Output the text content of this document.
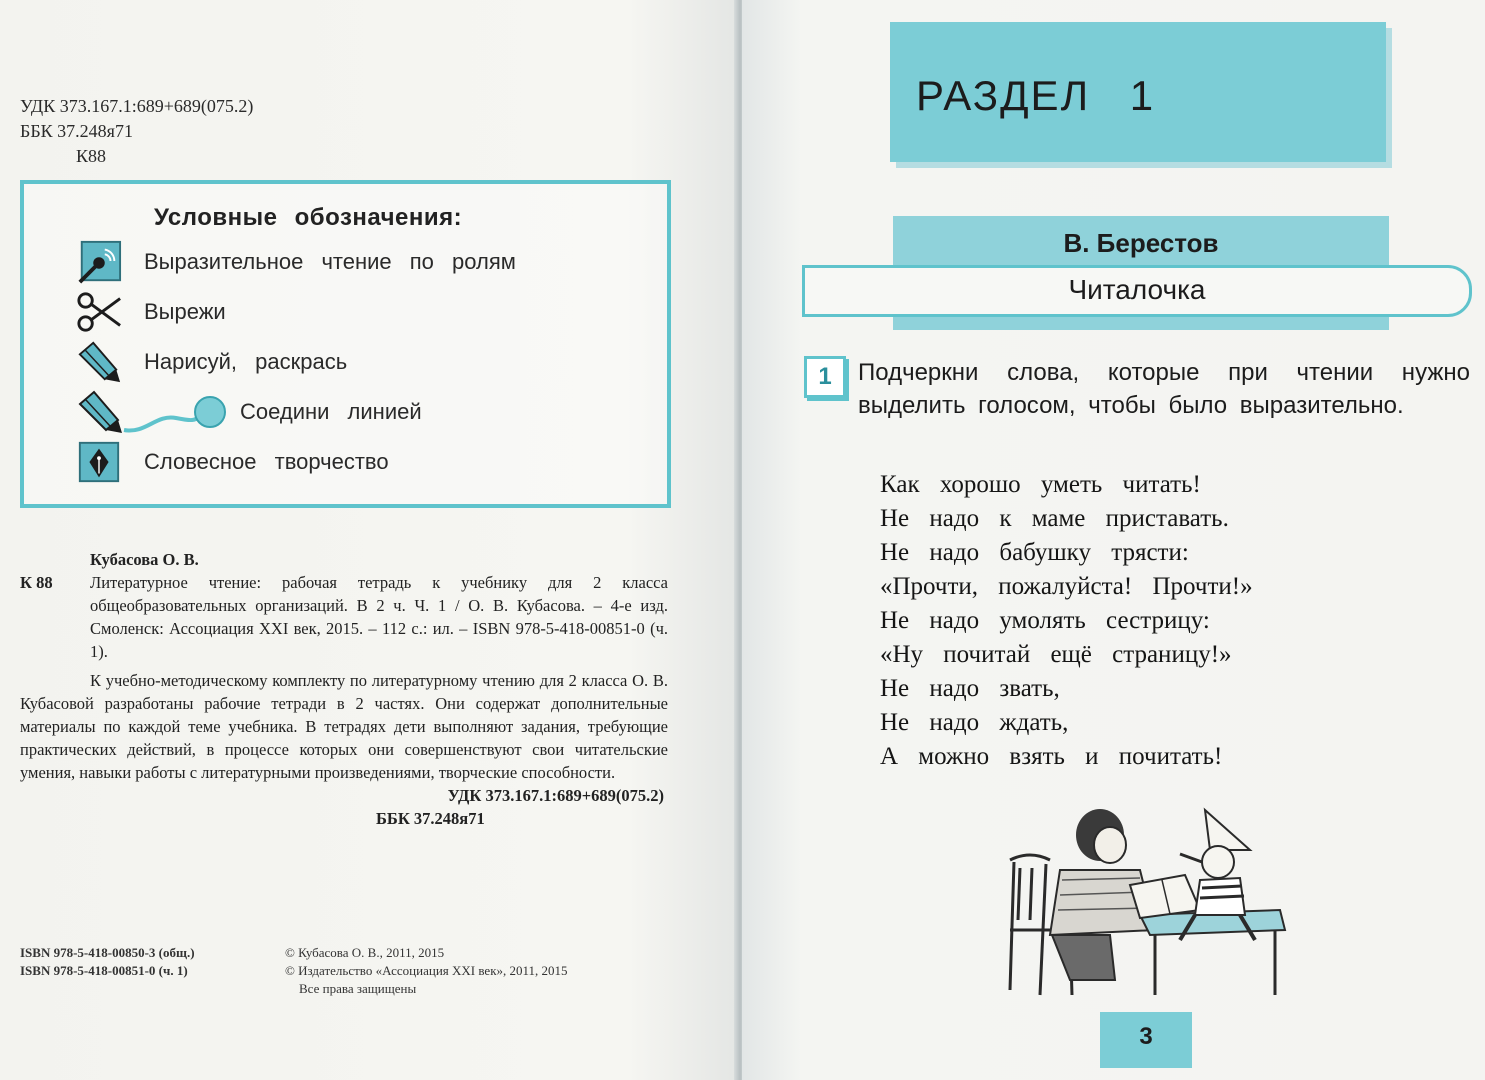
УДК 373.167.1:689+689(075.2)
ББК 37.248я71
К88
Условные обозначения:
Выразительное чтение по ролям
Вырежи
Нарисуй, раскрась
Соедини линией
Словесное творчество
Кубасова О. В.
К 88	Литературное чтение: рабочая тетрадь к учебнику для 2 класса общеобразовательных организаций. В 2 ч. Ч. 1 / О. В. Кубасова. – 4-е изд. Смоленск: Ассоциация XXI век, 2015. – 112 с.: ил. – ISBN 978-5-418-00851-0 (ч. 1).
К учебно-методическому комплекту по литературному чтению для 2 класса О. В. Кубасовой разработаны рабочие тетради в 2 частях. Они содержат дополнительные материалы по каждой теме учебника. В тетрадях дети выполняют задания, требующие практических действий, в процессе которых они совершенствуют свои читательские умения, навыки работы с литературными произведениями, творческие способности.
УДК 373.167.1:689+689(075.2)
ББК 37.248я71
ISBN 978-5-418-00850-3 (общ.)
ISBN 978-5-418-00851-0 (ч. 1)
© Кубасова О. В., 2011, 2015
© Издательство «Ассоциация XXI век», 2011, 2015
Все права защищены
РАЗДЕЛ 1
В. Берестов
Читалочка
1	Подчеркни слова, которые при чтении нужно выделить голосом, чтобы было выразительно.
Как хорошо уметь читать!
Не надо к маме приставать.
Не надо бабушку трясти:
«Прочти, пожалуйста! Прочти!»
Не надо умолять сестрицу:
«Ну почитай ещё страницу!»
Не надо звать,
Не надо ждать,
А можно взять и почитать!
3
